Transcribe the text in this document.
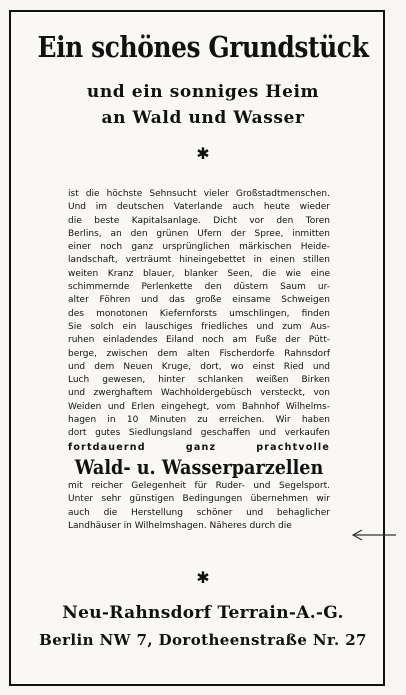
Ein schönes Grundstück
und ein sonniges Heim
an Wald und Wasser
✱
ist die höchste Sehnsucht vieler Großstadtmenschen.
Und im deutschen Vaterlande auch heute wieder
die beste Kapitalsanlage. Dicht vor den Toren
Berlins, an den grünen Ufern der Spree, inmitten
einer noch ganz ursprünglichen märkischen Heide-
landschaft, verträumt hineingebettet in einen stillen
weiten Kranz blauer, blanker Seen, die wie eine
schimmernde Perlenkette den düstern Saum ur-
alter Föhren und das große einsame Schweigen
des monotonen Kiefernforsts umschlingen, finden
Sie solch ein lauschiges friedliches und zum Aus-
ruhen einladendes Eiland noch am Fuße der Pütt-
berge, zwischen dem alten Fischerdorfe Rahnsdorf
und dem Neuen Kruge, dort, wo einst Ried und
Luch gewesen, hinter schlanken weißen Birken
und zwerghaftem Wachholdergebüsch versteckt, von
Weiden und Erlen eingehegt, vom Bahnhof Wilhelms-
hagen in 10 Minuten zu erreichen. Wir haben
dort gutes Siedlungsland geschaffen und verkaufen
fortdauernd ganz prachtvolle
Wald- u. Wasserparzellen
mit reicher Gelegenheit für Ruder- und Segelsport.
Unter sehr günstigen Bedingungen übernehmen wir
auch die Herstellung schöner und behaglicher
Landhäuser in Wilhelmshagen. Näheres durch die
✱
Neu-Rahnsdorf Terrain-A.-G.
Berlin NW 7, Dorotheenstraße Nr. 27
